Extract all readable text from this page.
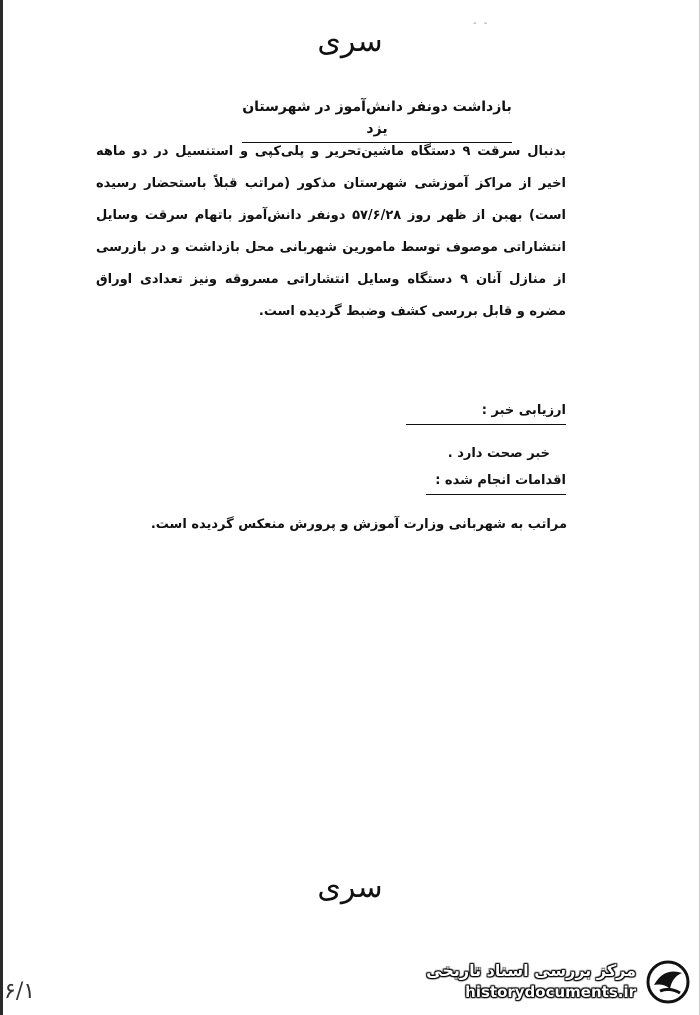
- -
سری
بازداشت دونفر دانش‌آموز در شهرستان یزد

بدنبال سرقت ۹ دستگاه ماشین‌تحریر و پلی‌کپی و استنسیل در دو ماهه اخیر از مراکز آموزشی شهرستان مذکور (مراتب قبلاً باستحضار رسیده است) بهبن از ظهر روز ۵۷/۶/۲۸ دونفر دانش‌آموز باتهام سرقت وسایل انتشاراتی موصوف توسط مامورین شهربانی محل بازداشت و در بازرسی از منازل آنان ۹ دستگاه وسایل انتشاراتی مسروقه ونیز تعدادی اوراق مضره و قابل بررسی کشف وضبط گردیده است.

ارزیابی خبر :
خبر صحت دارد .
اقدامات انجام شده :
مراتب به شهربانی وزارت آموزش و پرورش منعکس گردیده است.
سری
۶/۱
مرکز بررسی اسناد تاریخی
historydocuments.ir
